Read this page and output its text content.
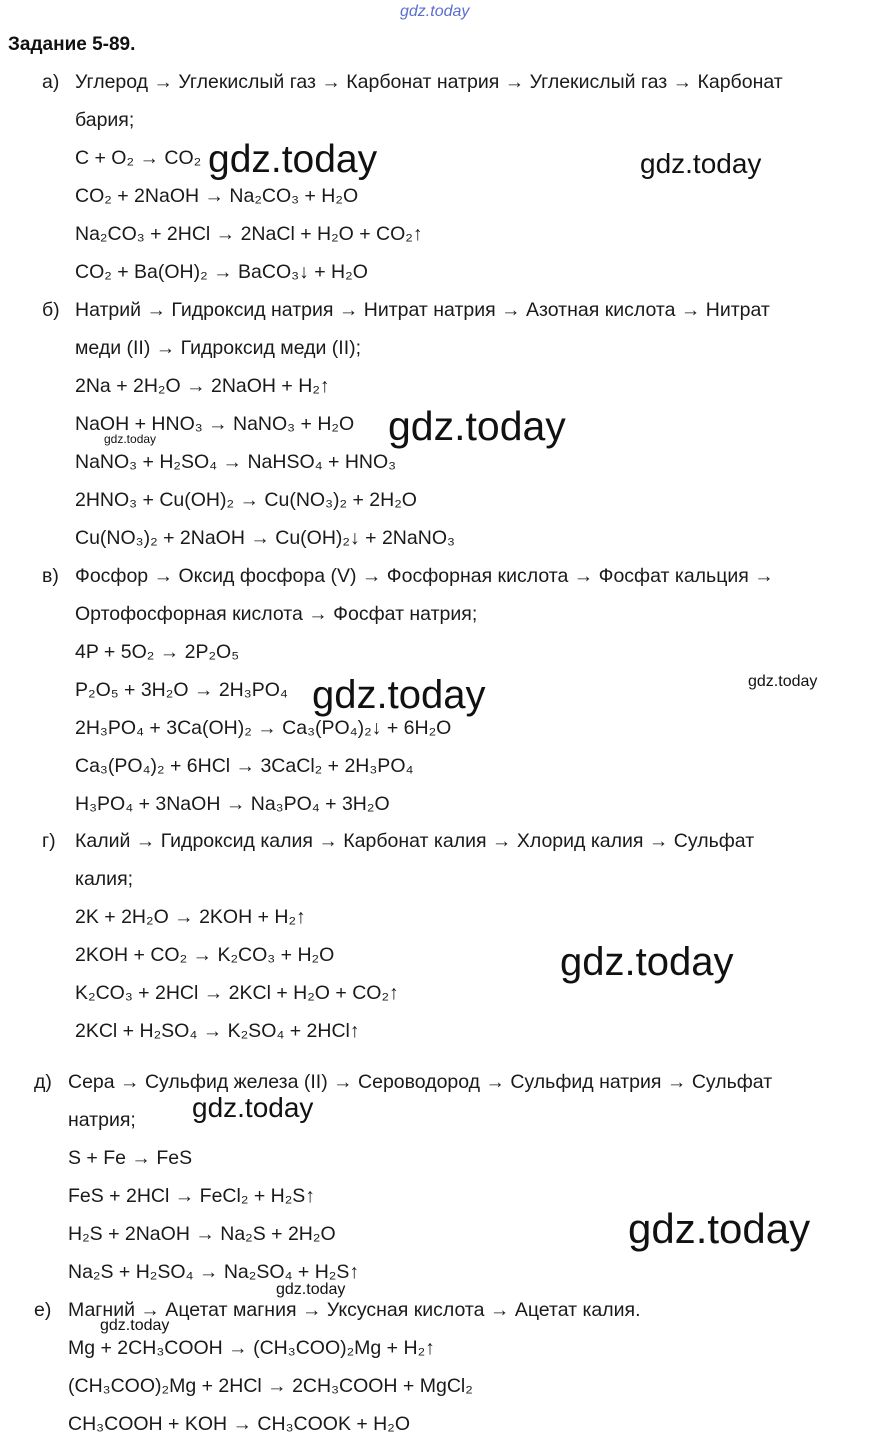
gdz.today
gdz.today	gdz.today
gdz.today
gdz.today
gdz.today	gdz.today
gdz.today
gdz.today
gdz.today
gdz.today
gdz.today
Задание 5-89.
а) Углерод → Углекислый газ → Карбонат натрия → Углекислый газ → Карбонат
бария;
C + O₂ → CO₂
CO₂ + 2NaOH → Na₂CO₃ + H₂O
Na₂CO₃ + 2HCl → 2NaCl + H₂O + CO₂↑
CO₂ + Ba(OH)₂ → BaCO₃↓ + H₂O
б) Натрий → Гидроксид натрия → Нитрат натрия → Азотная кислота → Нитрат
меди (II) → Гидроксид меди (II);
2Na + 2H₂O → 2NaOH + H₂↑
NaOH + HNO₃ → NaNO₃ + H₂O
NaNO₃ + H₂SO₄ → NaHSO₄ + HNO₃
2HNO₃ + Cu(OH)₂ → Cu(NO₃)₂ + 2H₂O
Cu(NO₃)₂ + 2NaOH → Cu(OH)₂↓ + 2NaNO₃
в) Фосфор → Оксид фосфора (V) → Фосфорная кислота → Фосфат кальция →
Ортофосфорная кислота → Фосфат натрия;
4P + 5O₂ → 2P₂O₅
P₂O₅ + 3H₂O → 2H₃PO₄
2H₃PO₄ + 3Ca(OH)₂ → Ca₃(PO₄)₂↓ + 6H₂O
Ca₃(PO₄)₂ + 6HCl → 3CaCl₂ + 2H₃PO₄
H₃PO₄ + 3NaOH → Na₃PO₄ + 3H₂O
г) Калий → Гидроксид калия → Карбонат калия → Хлорид калия → Сульфат
калия;
2K + 2H₂O → 2KOH + H₂↑
2KOH + CO₂ → K₂CO₃ + H₂O
K₂CO₃ + 2HCl → 2KCl + H₂O + CO₂↑
2KCl + H₂SO₄ → K₂SO₄ + 2HCl↑
д) Сера → Сульфид железа (II) → Сероводород → Сульфид натрия → Сульфат
натрия;
S + Fe → FeS
FeS + 2HCl → FeCl₂ + H₂S↑
H₂S + 2NaOH → Na₂S + 2H₂O
Na₂S + H₂SO₄ → Na₂SO₄ + H₂S↑
е) Магний → Ацетат магния → Уксусная кислота → Ацетат калия.
Mg + 2CH₃COOH → (CH₃COO)₂Mg + H₂↑
(CH₃COO)₂Mg + 2HCl → 2CH₃COOH + MgCl₂
CH₃COOH + KOH → CH₃COOK + H₂O
